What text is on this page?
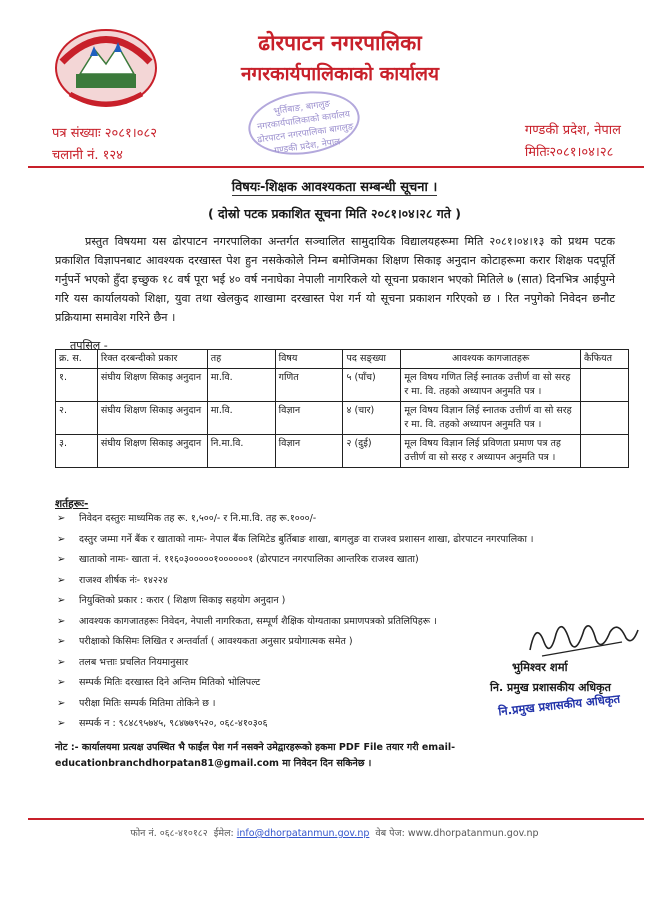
ढोरपाटन नगरपालिका
नगरकार्यपालिकाको कार्यालय
भुर्तिबाङ, बागलुङ नगरकार्यपालिकाको कार्यालय ढोरपाटन नगरपालिका बागलुङ गण्डकी प्रदेश, नेपाल
पत्र संख्याः २०८१।०८२
चलानी नं. १२४
गण्डकी प्रदेश, नेपाल
मितिः२०८१।०४।२८
विषयः-शिक्षक आवश्यकता सम्बन्धी सूचना ।
( दोस्रो पटक प्रकाशित सूचना मिति २०८१।०४।२८ गते )
प्रस्तुत विषयमा यस ढोरपाटन नगरपालिका अन्तर्गत सञ्चालित सामुदायिक विद्यालयहरूमा मिति २०८१।०४।१३ को प्रथम पटक प्रकाशित विज्ञापनबाट आवश्यक दरखास्त पेश हुन नसकेकोले निम्न बमोजिमका शिक्षण सिकाइ अनुदान कोटाहरूमा करार शिक्षक पदपूर्ति गर्नुपर्ने भएको हुँदा इच्छुक १८ वर्ष पूरा भई ४० वर्ष ननाघेका नेपाली नागरिकले यो सूचना प्रकाशन भएको मितिले ७ (सात) दिनभित्र आईपुग्ने गरि यस कार्यालयको शिक्षा, युवा तथा खेलकुद शाखामा दरखास्त पेश गर्न यो सूचना प्रकाशन गरिएको छ । रित नपुगेको निवेदन छनौट प्रक्रियामा समावेश गरिने छैन ।
तपसिल -
क्र. स.	रिक्त दरबन्दीको प्रकार	तह	विषय	पद सङ्ख्या	आवश्यक कागजातहरू	कैफियत
१.	संघीय शिक्षण सिकाइ अनुदान	मा.वि.	गणित	५ (पाँच)	मूल विषय गणित लिई स्नातक उत्तीर्ण वा सो सरह र मा. वि. तहको अध्यापन अनुमति पत्र ।	
२.	संघीय शिक्षण सिकाइ अनुदान	मा.वि.	विज्ञान	४ (चार)	मूल विषय विज्ञान लिई स्नातक उत्तीर्ण वा सो सरह र मा. वि. तहको अध्यापन अनुमति पत्र ।	
३.	संघीय शिक्षण सिकाइ अनुदान	नि.मा.वि.	विज्ञान	२ (दुई)	मूल विषय विज्ञान लिई प्रविणता प्रमाण पत्र तह उत्तीर्ण वा सो सरह र अध्यापन अनुमति पत्र ।	
शर्तहरूः-
➢ निवेदन दस्तुरः माध्यमिक तह रू. १,५००/- र नि.मा.वि. तह रू.१०००/-
➢ दस्तुर जम्मा गर्ने बैंक र खाताको नामः- नेपाल बैंक लिमिटेड बुर्तिबाङ शाखा, बागलुङ वा राजश्व प्रशासन शाखा, ढोरपाटन नगरपालिका ।
➢ खाताको नामः- खाता नं. ११६०३०००००१००००००१ (ढोरपाटन नगरपालिका आन्तरिक राजश्व खाता)
➢ राजश्व शीर्षक नंः- १४२२४
➢ नियुक्तिको प्रकार : करार ( शिक्षण सिकाइ सहयोग अनुदान )
➢ आवश्यक कागजातहरूः निवेदन, नेपाली नागरिकता, सम्पूर्ण शैक्षिक योग्यताका प्रमाणपत्रको प्रतिलिपिहरू ।
➢ परीक्षाको किसिमः लिखित र अन्तर्वार्ता ( आवश्यकता अनुसार प्रयोगात्मक समेत )
➢ तलब भत्ताः प्रचलित नियमानुसार
➢ सम्पर्क मितिः दरखास्त दिने अन्तिम मितिको भोलिपल्ट
➢ परीक्षा मितिः सम्पर्क मितिमा तोकिने छ ।
➢ सम्पर्क न : ९८४८९५७४५, ९८४७७९५२०, ०६८-४१०३०६
नोट :- कार्यालयमा प्रत्यक्ष उपस्थित भै फाईल पेश गर्न नसक्ने उमेद्वारहरूको हकमा PDF File तयार गरी email-educationbranchdhorpatan81@gmail.com मा निवेदन दिन सकिनेछ ।
भुमिश्वर शर्मा
नि. प्रमुख प्रशासकीय अधिकृत
नि.प्रमुख प्रशासकीय अधिकृत
फोन नं. ०६८-४१०१८२ ईमेल: info@dhorpatanmun.gov.np वेब पेज: www.dhorpatanmun.gov.np
